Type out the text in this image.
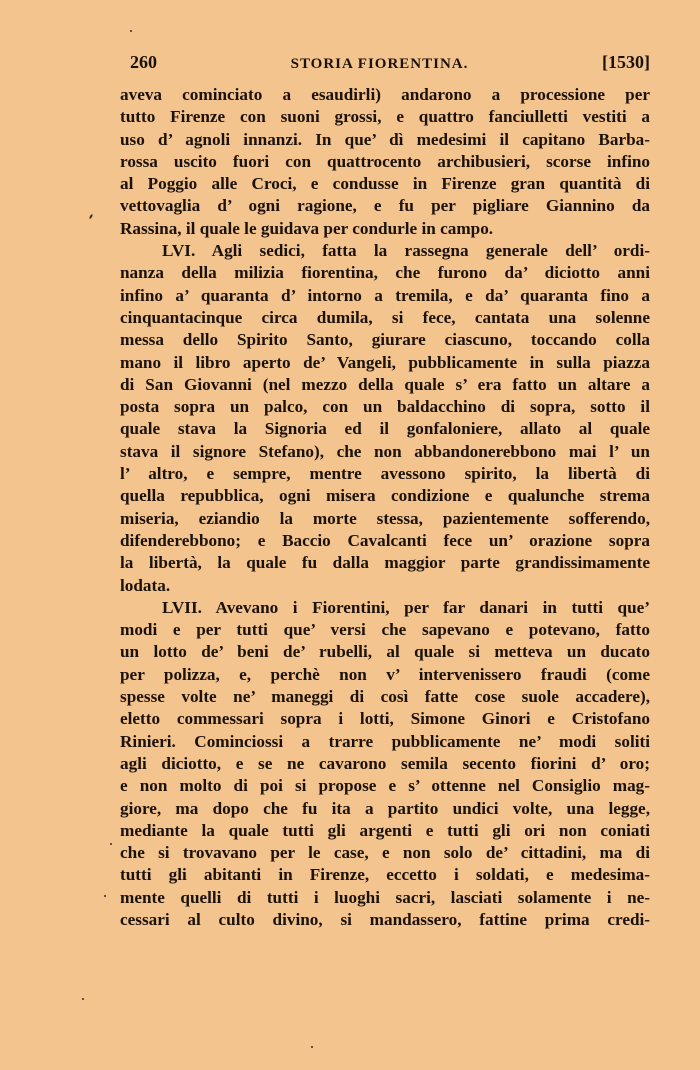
260	STORIA FIORENTINA.	[1530]
aveva cominciato a esaudirli) andarono a processione per
tutto Firenze con suoni grossi, e quattro fanciulletti vestiti a
uso d’ agnoli innanzi. In que’ dì medesimi il capitano Barba-
rossa uscito fuori con quattrocento archibusieri, scorse infino
al Poggio alle Croci, e condusse in Firenze gran quantità di
vettovaglia d’ ogni ragione, e fu per pigliare Giannino da
Rassina, il quale le guidava per condurle in campo.
LVI. Agli sedici, fatta la rassegna generale dell’ ordi-
nanza della milizia fiorentina, che furono da’ diciotto anni
infino a’ quaranta d’ intorno a tremila, e da’ quaranta fino a
cinquantacinque circa dumila, si fece, cantata una solenne
messa dello Spirito Santo, giurare ciascuno, toccando colla
mano il libro aperto de’ Vangeli, pubblicamente in sulla piazza
di San Giovanni (nel mezzo della quale s’ era fatto un altare a
posta sopra un palco, con un baldacchino di sopra, sotto il
quale stava la Signoria ed il gonfaloniere, allato al quale
stava il signore Stefano), che non abbandonerebbono mai l’ un
l’ altro, e sempre, mentre avessono spirito, la libertà di
quella repubblica, ogni misera condizione e qualunche strema
miseria, eziandio la morte stessa, pazientemente sofferendo,
difenderebbono; e Baccio Cavalcanti fece un’ orazione sopra
la libertà, la quale fu dalla maggior parte grandissimamente
lodata.
LVII. Avevano i Fiorentini, per far danari in tutti que’
modi e per tutti que’ versi che sapevano e potevano, fatto
un lotto de’ beni de’ rubelli, al quale si metteva un ducato
per polizza, e, perchè non v’ intervenissero fraudi (come
spesse volte ne’ maneggi di così fatte cose suole accadere),
eletto commessari sopra i lotti, Simone Ginori e Cristofano
Rinieri. Cominciossi a trarre pubblicamente ne’ modi soliti
agli diciotto, e se ne cavarono semila secento fiorini d’ oro;
e non molto di poi si propose e s’ ottenne nel Consiglio mag-
giore, ma dopo che fu ita a partito undici volte, una legge,
mediante la quale tutti gli argenti e tutti gli ori non coniati
che si trovavano per le case, e non solo de’ cittadini, ma di
tutti gli abitanti in Firenze, eccetto i soldati, e medesima-
mente quelli di tutti i luoghi sacri, lasciati solamente i ne-
cessari al culto divino, si mandassero, fattine prima credi-
